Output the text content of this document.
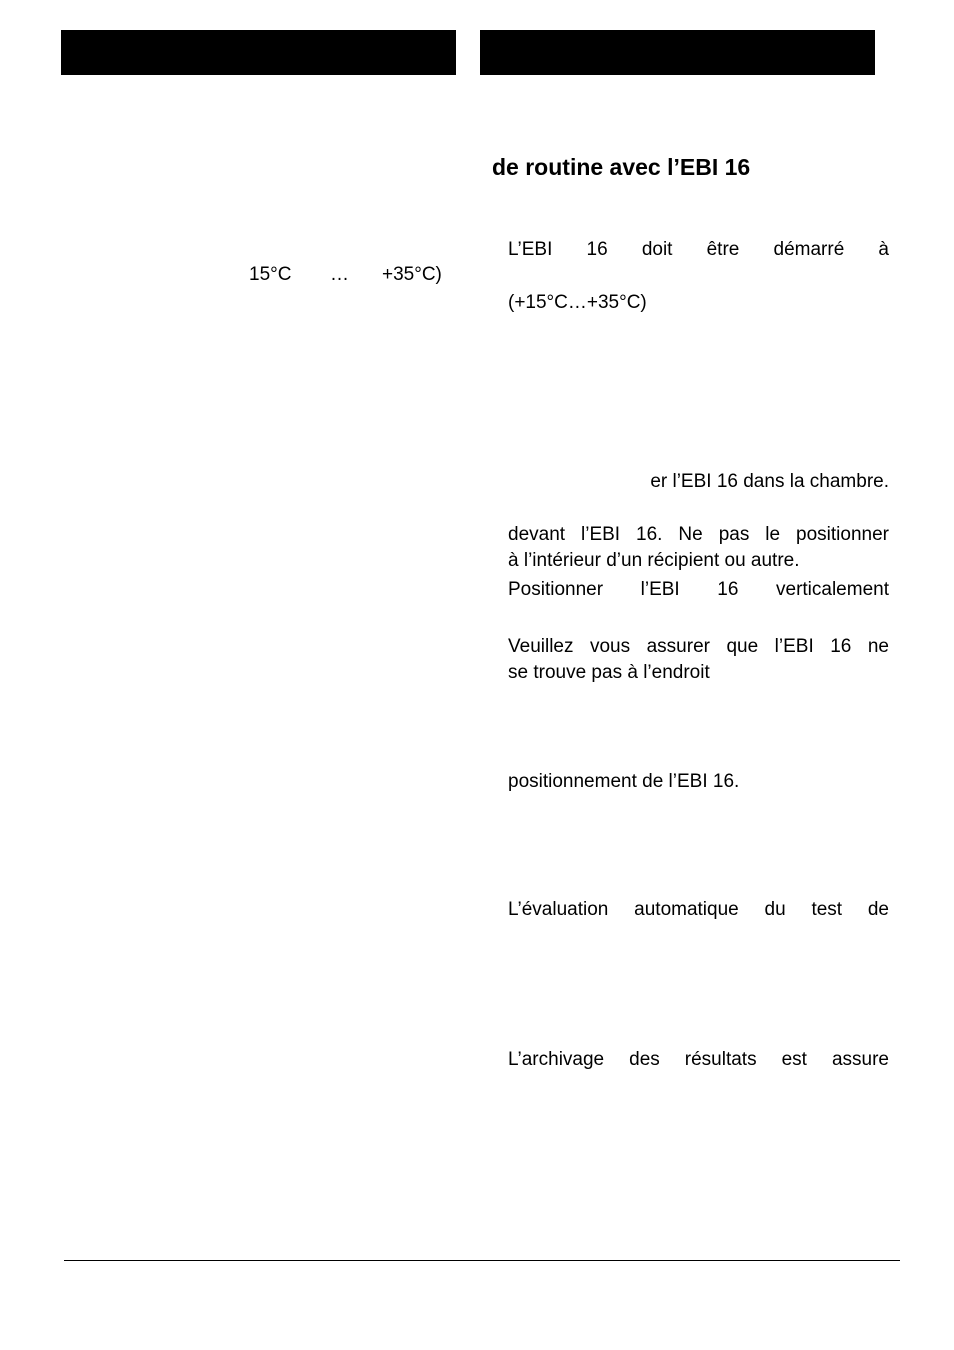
15°C … +35°C)
de routine avec l’EBI 16

L’EBI 16 doit être démarré à

(+15°C…+35°C)

er l’EBI 16 dans la chambre.

devant l’EBI 16. Ne pas le positionner

à l’intérieur d’un récipient ou autre.

Positionner l’EBI 16 verticalement

Veuillez vous assurer que l’EBI 16 ne

se trouve pas à l’endroit

positionnement de l’EBI 16.

L’évaluation automatique du test de

L’archivage des résultats est assure
